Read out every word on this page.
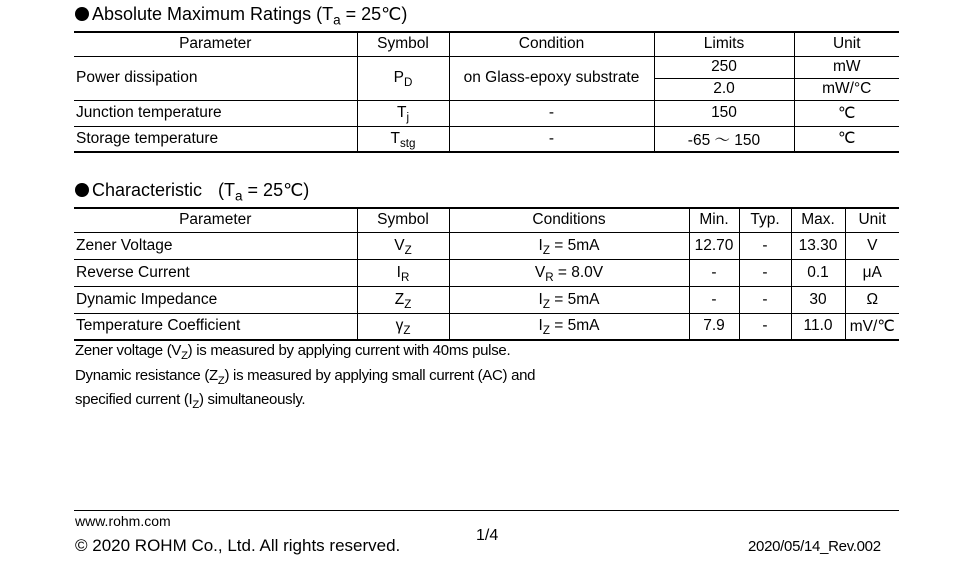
Absolute Maximum Ratings ($T_a$ = 25℃)
Parameter	Symbol	Condition	Limits	Unit
Power dissipation	$P_D$	on Glass-epoxy substrate	250	mW
			2.0	mW/°C
Junction temperature	$T_j$	-	150	℃
Storage temperature	$T_{stg}$	-	-65 ～ 150	℃
Characteristic ($T_a$ = 25℃)
Parameter	Symbol	Conditions	Min.	Typ.	Max.	Unit
Zener Voltage	$V_Z$	$I_Z = 5mA$	12.70	-	13.30	V
Reverse Current	$I_R$	$V_R = 8.0V$	-	-	0.1	μA
Dynamic Impedance	$Z_Z$	$I_Z = 5mA$	-	-	30	Ω
Temperature Coefficient	$\gamma_Z$	$I_Z = 5mA$	7.9	-	11.0	mV/℃
Zener voltage $(V_Z)$ is measured by applying current with 40ms pulse.
Dynamic resistance $(Z_Z)$ is measured by applying small current (AC) and
specified current $(I_Z)$ simultaneously.
www.rohm.com
© 2020 ROHM Co., Ltd. All rights reserved.
1/4
2020/05/14_Rev.002
